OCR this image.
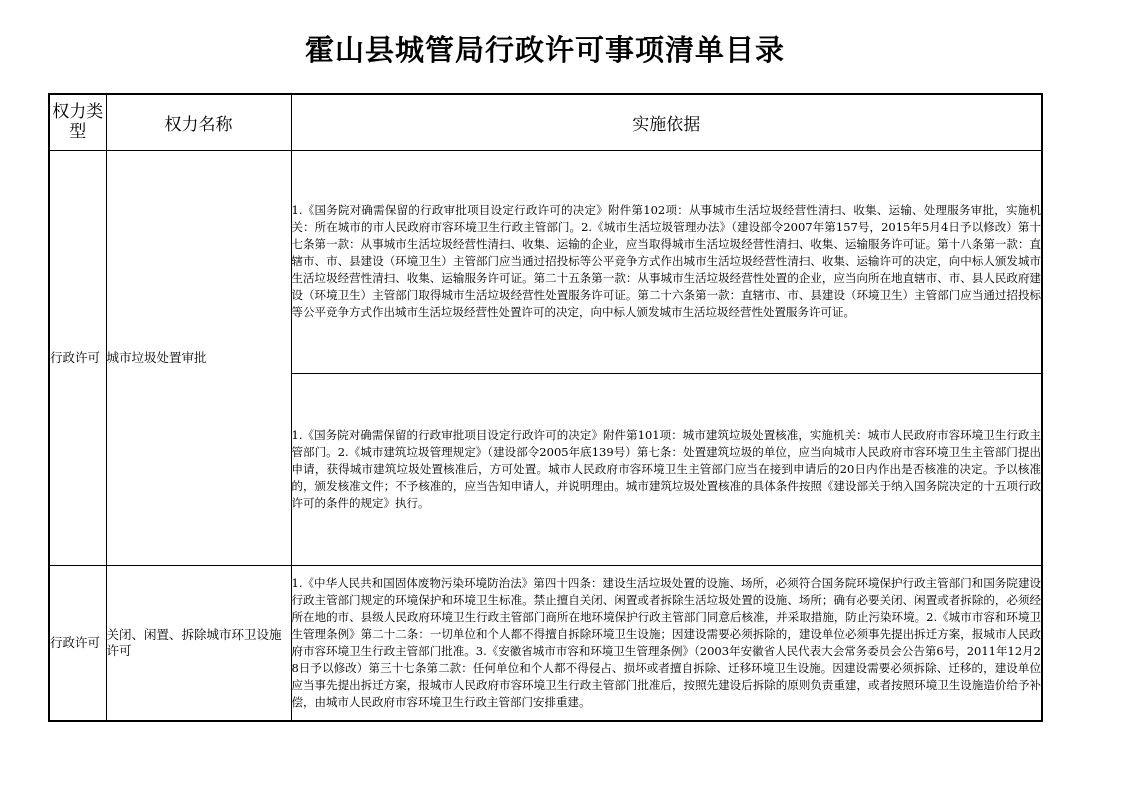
霍山县城管局行政许可事项清单目录
权力类型	权力名称	实施依据
行政许可	城市垃圾处置审批	1.《国务院对确需保留的行政审批项目设定行政许可的决定》附件第102项：从事城市生活垃圾经营性清扫、收集、运输、处理服务审批，实施机关：所在城市的市人民政府市容环境卫生行政主管部门。2.《城市生活垃圾管理办法》（建设部令2007年第157号，2015年5月4日予以修改）第十七条第一款：从事城市生活垃圾经营性清扫、收集、运输的企业，应当取得城市生活垃圾经营性清扫、收集、运输服务许可证。第十八条第一款：直辖市、市、县建设（环境卫生）主管部门应当通过招投标等公平竞争方式作出城市生活垃圾经营性清扫、收集、运输许可的决定，向中标人颁发城市生活垃圾经营性清扫、收集、运输服务许可证。第二十五条第一款：从事城市生活垃圾经营性处置的企业，应当向所在地直辖市、市、县人民政府建设（环境卫生）主管部门取得城市生活垃圾经营性处置服务许可证。第二十六条第一款：直辖市、市、县建设（环境卫生）主管部门应当通过招投标等公平竞争方式作出城市生活垃圾经营性处置许可的决定，向中标人颁发城市生活垃圾经营性处置服务许可证。
		1.《国务院对确需保留的行政审批项目设定行政许可的决定》附件第101项：城市建筑垃圾处置核准，实施机关：城市人民政府市容环境卫生行政主管部门。2.《城市建筑垃圾管理规定》（建设部令2005年底139号）第七条：处置建筑垃圾的单位，应当向城市人民政府市容环境卫生主管部门提出申请，获得城市建筑垃圾处置核准后，方可处置。城市人民政府市容环境卫生主管部门应当在接到申请后的20日内作出是否核准的决定。予以核准的，颁发核准文件；不予核准的，应当告知申请人，并说明理由。城市建筑垃圾处置核准的具体条件按照《建设部关于纳入国务院决定的十五项行政许可的条件的规定》执行。
行政许可	关闭、闲置、拆除城市环卫设施许可	1.《中华人民共和国固体废物污染环境防治法》第四十四条：建设生活垃圾处置的设施、场所，必须符合国务院环境保护行政主管部门和国务院建设行政主管部门规定的环境保护和环境卫生标准。禁止擅自关闭、闲置或者拆除生活垃圾处置的设施、场所；确有必要关闭、闲置或者拆除的，必须经所在地的市、县级人民政府环境卫生行政主管部门商所在地环境保护行政主管部门同意后核准，并采取措施，防止污染环境。2.《城市市容和环境卫生管理条例》第二十二条：一切单位和个人都不得擅自拆除环境卫生设施；因建设需要必须拆除的，建设单位必须事先提出拆迁方案，报城市人民政府市容环境卫生行政主管部门批准。3.《安徽省城市市容和环境卫生管理条例》（2003年安徽省人民代表大会常务委员会公告第6号，2011年12月28日予以修改）第三十七条第二款：任何单位和个人都不得侵占、损坏或者擅自拆除、迁移环境卫生设施。因建设需要必须拆除、迁移的，建设单位应当事先提出拆迁方案，报城市人民政府市容环境卫生行政主管部门批准后，按照先建设后拆除的原则负责重建，或者按照环境卫生设施造价给予补偿，由城市人民政府市容环境卫生行政主管部门安排重建。
